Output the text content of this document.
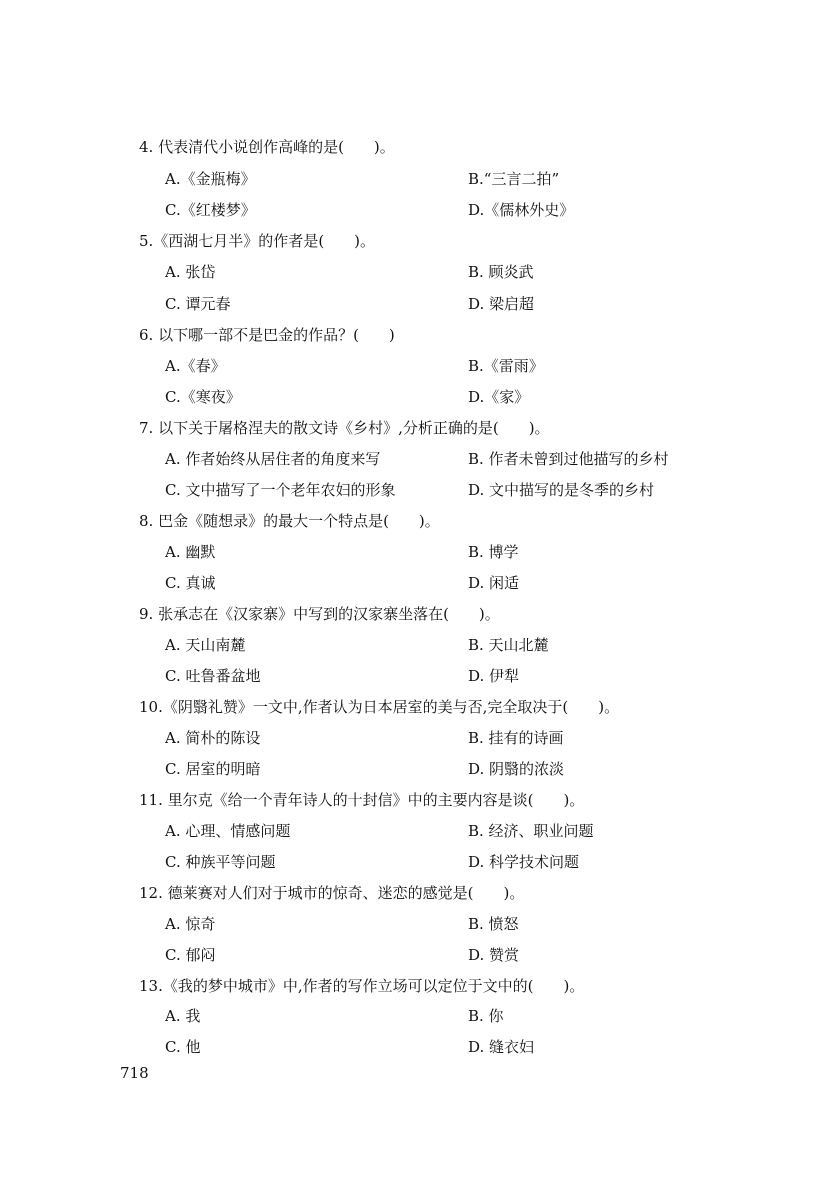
4. 代表清代小说创作高峰的是(　　)。
A.《金瓶梅》	B.“三言二拍”
C.《红楼梦》	D.《儒林外史》
5.《西湖七月半》的作者是(　　)。
A. 张岱	B. 顾炎武
C. 谭元春	D. 梁启超
6. 以下哪一部不是巴金的作品？(　　)
A.《春》	B.《雷雨》
C.《寒夜》	D.《家》
7. 以下关于屠格涅夫的散文诗《乡村》,分析正确的是(　　)。
A. 作者始终从居住者的角度来写	B. 作者未曾到过他描写的乡村
C. 文中描写了一个老年农妇的形象	D. 文中描写的是冬季的乡村
8. 巴金《随想录》的最大一个特点是(　　)。
A. 幽默	B. 博学
C. 真诚	D. 闲适
9. 张承志在《汉家寨》中写到的汉家寨坐落在(　　)。
A. 天山南麓	B. 天山北麓
C. 吐鲁番盆地	D. 伊犁
10.《阴翳礼赞》一文中,作者认为日本居室的美与否,完全取决于(　　)。
A. 简朴的陈设	B. 挂有的诗画
C. 居室的明暗	D. 阴翳的浓淡
11. 里尔克《给一个青年诗人的十封信》中的主要内容是谈(　　)。
A. 心理、情感问题	B. 经济、职业问题
C. 种族平等问题	D. 科学技术问题
12. 德莱赛对人们对于城市的惊奇、迷恋的感觉是(　　)。
A. 惊奇	B. 愤怒
C. 郁闷	D. 赞赏
13.《我的梦中城市》中,作者的写作立场可以定位于文中的(　　)。
A. 我	B. 你
C. 他	D. 缝衣妇
718
